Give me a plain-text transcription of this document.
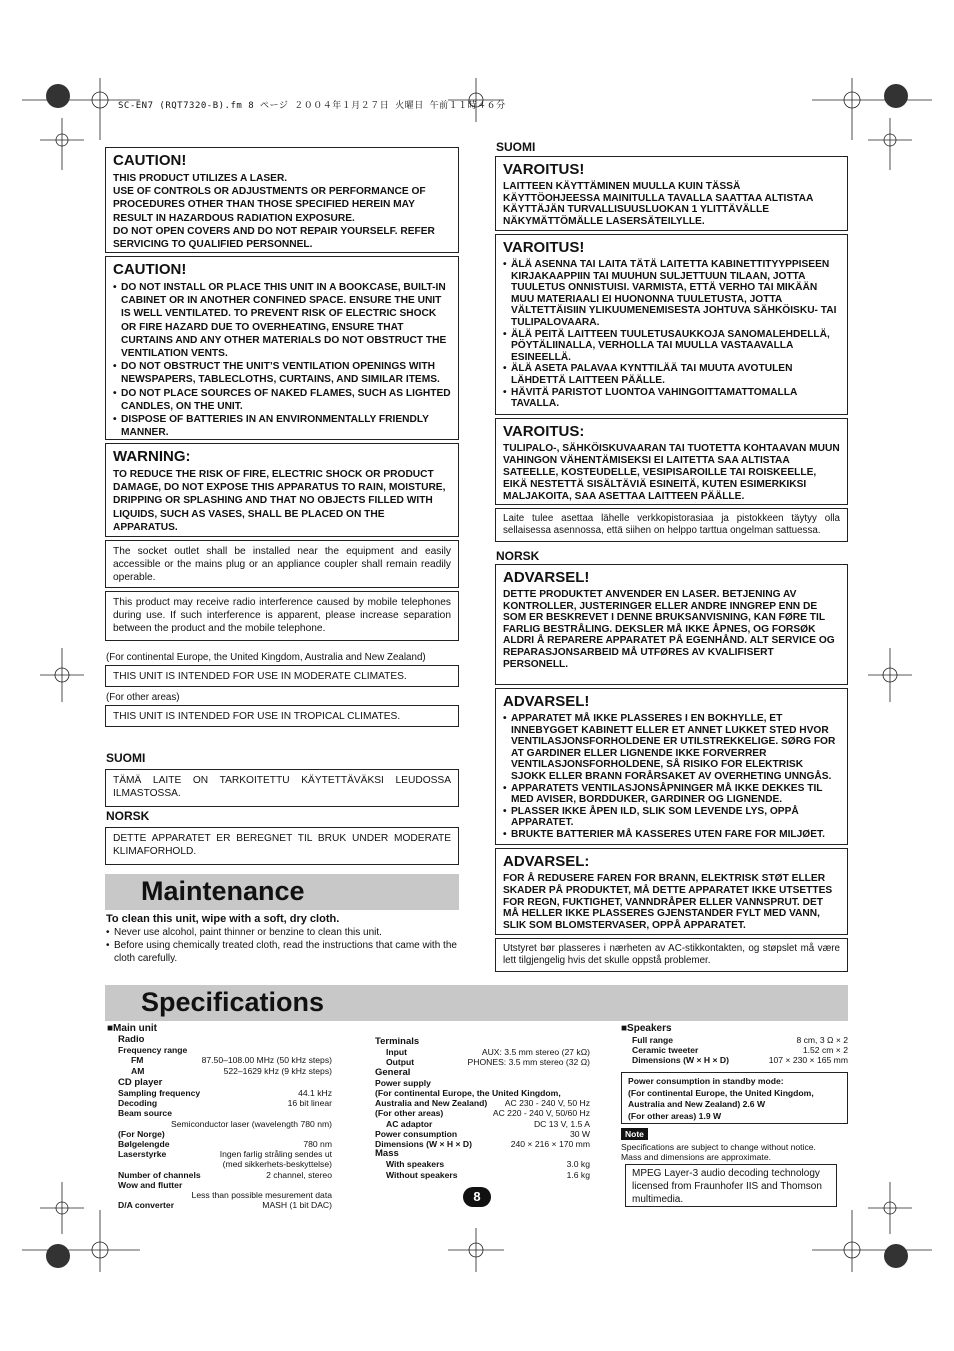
SC-EN7 (RQT7320-B).fm 8 ページ ２００４年１月２７日 火曜日 午前１１時４６分
CAUTION!

THIS PRODUCT UTILIZES A LASER.

USE OF CONTROLS OR ADJUSTMENTS OR PERFORMANCE OF PROCEDURES OTHER THAN THOSE SPECIFIED HEREIN MAY RESULT IN HAZARDOUS RADIATION EXPOSURE.

DO NOT OPEN COVERS AND DO NOT REPAIR YOURSELF. REFER SERVICING TO QUALIFIED PERSONNEL.

CAUTION!
• DO NOT INSTALL OR PLACE THIS UNIT IN A BOOKCASE, BUILT-IN CABINET OR IN ANOTHER CONFINED SPACE. ENSURE THE UNIT IS WELL VENTILATED. TO PREVENT RISK OF ELECTRIC SHOCK OR FIRE HAZARD DUE TO OVERHEATING, ENSURE THAT CURTAINS AND ANY OTHER MATERIALS DO NOT OBSTRUCT THE VENTILATION VENTS.
• DO NOT OBSTRUCT THE UNIT’S VENTILATION OPENINGS WITH NEWSPAPERS, TABLECLOTHS, CURTAINS, AND SIMILAR ITEMS.
• DO NOT PLACE SOURCES OF NAKED FLAMES, SUCH AS LIGHTED CANDLES, ON THE UNIT.
• DISPOSE OF BATTERIES IN AN ENVIRONMENTALLY FRIENDLY MANNER.
WARNING:

TO REDUCE THE RISK OF FIRE, ELECTRIC SHOCK OR PRODUCT DAMAGE, DO NOT EXPOSE THIS APPARATUS TO RAIN, MOISTURE, DRIPPING OR SPLASHING AND THAT NO OBJECTS FILLED WITH LIQUIDS, SUCH AS VASES, SHALL BE PLACED ON THE APPARATUS.

The socket outlet shall be installed near the equipment and easily accessible or the mains plug or an appliance coupler shall remain readily operable.

This product may receive radio interference caused by mobile telephones during use. If such interference is apparent, please increase separation between the product and the mobile telephone.

(For continental Europe, the United Kingdom, Australia and New Zealand)

THIS UNIT IS INTENDED FOR USE IN MODERATE CLIMATES.

(For other areas)

THIS UNIT IS INTENDED FOR USE IN TROPICAL CLIMATES.

SUOMI

TÄMÄ LAITE ON TARKOITETTU KÄYTETTÄVÄKSI LEUDOSSA ILMASTOSSA.

NORSK

DETTE APPARATET ER BEREGNET TIL BRUK UNDER MODERATE KLIMAFORHOLD.

Maintenance
To clean this unit, wipe with a soft, dry cloth.
• Never use alcohol, paint thinner or benzine to clean this unit.
• Before using chemically treated cloth, read the instructions that came with the cloth carefully.
SUOMI
VAROITUS!

LAITTEEN KÄYTTÄMINEN MUULLA KUIN TÄSSÄ KÄYTTÖOHJEESSA MAINITULLA TAVALLA SAATTAA ALTISTAA KÄYTTÄJÄN TURVALLISUUSLUOKAN 1 YLITTÄVÄLLE NÄKYMÄTTÖMÄLLE LASERSÄTEILYLLE.

VAROITUS!
• ÄLÄ ASENNA TAI LAITA TÄTÄ LAITETTA KABINETTITYYPPISEEN KIRJAKAAPPIIN TAI MUUHUN SULJETTUUN TILAAN, JOTTA TUULETUS ONNISTUISI. VARMISTA, ETTÄ VERHO TAI MIKÄÄN MUU MATERIAALI EI HUONONNA TUULETUSTA, JOTTA VÄLTETTÄISIIN YLIKUUMENEMISESTA JOHTUVA SÄHKÖISKU- TAI TULIPALOVAARA.
• ÄLÄ PEITÄ LAITTEEN TUULETUSAUKKOJA SANOMALEHDELLÄ, PÖYTÄLIINALLA, VERHOLLA TAI MUULLA VASTAAVALLA ESINEELLÄ.
• ÄLÄ ASETA PALAVAA KYNTTILÄÄ TAI MUUTA AVOTULEN LÄHDETTÄ LAITTEEN PÄÄLLE.
• HÄVITÄ PARISTOT LUONTOA VAHINGOITTAMATTOMALLA TAVALLA.
VAROITUS:

TULIPALO-, SÄHKÖISKUVAARAN TAI TUOTETTA KOHTAAVAN MUUN VAHINGON VÄHENTÄMISEKSI EI LAITETTA SAA ALTISTAA SATEELLE, KOSTEUDELLE, VESIPISAROILLE TAI ROISKEELLE, EIKÄ NESTETTÄ SISÄLTÄVIÄ ESINEITÄ, KUTEN ESIMERKIKSI MALJAKOITA, SAA ASETTAA LAITTEEN PÄÄLLE.

Laite tulee asettaa lähelle verkkopistorasiaa ja pistokkeen täytyy olla sellaisessa asennossa, että siihen on helppo tarttua ongelman sattuessa.

NORSK
ADVARSEL!

DETTE PRODUKTET ANVENDER EN LASER. BETJENING AV KONTROLLER, JUSTERINGER ELLER ANDRE INNGREP ENN DE SOM ER BESKREVET I DENNE BRUKSANVISNING, KAN FØRE TIL FARLIG BESTRÅLING. DEKSLER MÅ IKKE ÅPNES, OG FORSØK ALDRI Å REPARERE APPARATET PÅ EGENHÅND. ALT SERVICE OG REPARASJONSARBEID MÅ UTFØRES AV KVALIFISERT PERSONELL.

ADVARSEL!
• APPARATET MÅ IKKE PLASSERES I EN BOKHYLLE, ET INNEBYGGET KABINETT ELLER ET ANNET LUKKET STED HVOR VENTILASJONSFORHOLDENE ER UTILSTREKKELIGE. SØRG FOR AT GARDINER ELLER LIGNENDE IKKE FORVERRER VENTILASJONSFORHOLDENE, SÅ RISIKO FOR ELEKTRISK SJOKK ELLER BRANN FORÅRSAKET AV OVERHETING UNNGÅS.
• APPARATETS VENTILASJONSÅPNINGER MÅ IKKE DEKKES TIL MED AVISER, BORDDUKER, GARDINER OG LIGNENDE.
• PLASSER IKKE ÅPEN ILD, SLIK SOM LEVENDE LYS, OPPÅ APPARATET.
• BRUKTE BATTERIER MÅ KASSERES UTEN FARE FOR MILJØET.
ADVARSEL:

FOR Å REDUSERE FAREN FOR BRANN, ELEKTRISK STØT ELLER SKADER PÅ PRODUKTET, MÅ DETTE APPARATET IKKE UTSETTES FOR REGN, FUKTIGHET, VANNDRÅPER ELLER VANNSPRUT. DET MÅ HELLER IKKE PLASSERES GJENSTANDER FYLT MED VANN, SLIK SOM BLOMSTERVASER, OPPÅ APPARATET.

Utstyret bør plasseres i nærheten av AC-stikkontakten, og støpslet må være lett tilgjengelig hvis det skulle oppstå problemer.

Specifications
■Main unit
Radio
Frequency range
FM	87.50–108.00 MHz (50 kHz steps)
AM	522–1629 kHz (9 kHz steps)
CD player
Sampling frequency	44.1 kHz
Decoding	16 bit linear
Beam source
Semiconductor laser (wavelength 780 nm)
(For Norge)
Bølgelengde	780 nm
Laserstyrke	Ingen farlig stråling sendes ut
(med sikkerhets-beskyttelse)
Number of channels	2 channel, stereo
Wow and flutter
Less than possible mesurement data
D/A converter	MASH (1 bit DAC)
Terminals
Input	AUX: 3.5 mm stereo (27 kΩ)
Output	PHONES: 3.5 mm stereo (32 Ω)
General
Power supply
(For continental Europe, the United Kingdom,
Australia and New Zealand) AC 230 - 240 V, 50 Hz
(For other areas)	AC 220 - 240 V, 50/60 Hz
AC adaptor	DC 13 V, 1.5 A
Power consumption	30 W
Dimensions (W × H × D)	240 × 216 × 170 mm
Mass
With speakers	3.0 kg
Without speakers	1.6 kg
■Speakers
Full range	8 cm, 3 Ω × 2
Ceramic tweeter	1.52 cm × 2
Dimensions (W × H × D)	107 × 230 × 165 mm
Power consumption in standby mode:
(For continental Europe, the United Kingdom, Australia and New Zealand) 2.6 W
(For other areas) 1.9 W
Note
Specifications are subject to change without notice.
Mass and dimensions are approximate.
MPEG Layer-3 audio decoding technology licensed from Fraunhofer IIS and Thomson multimedia.
8
